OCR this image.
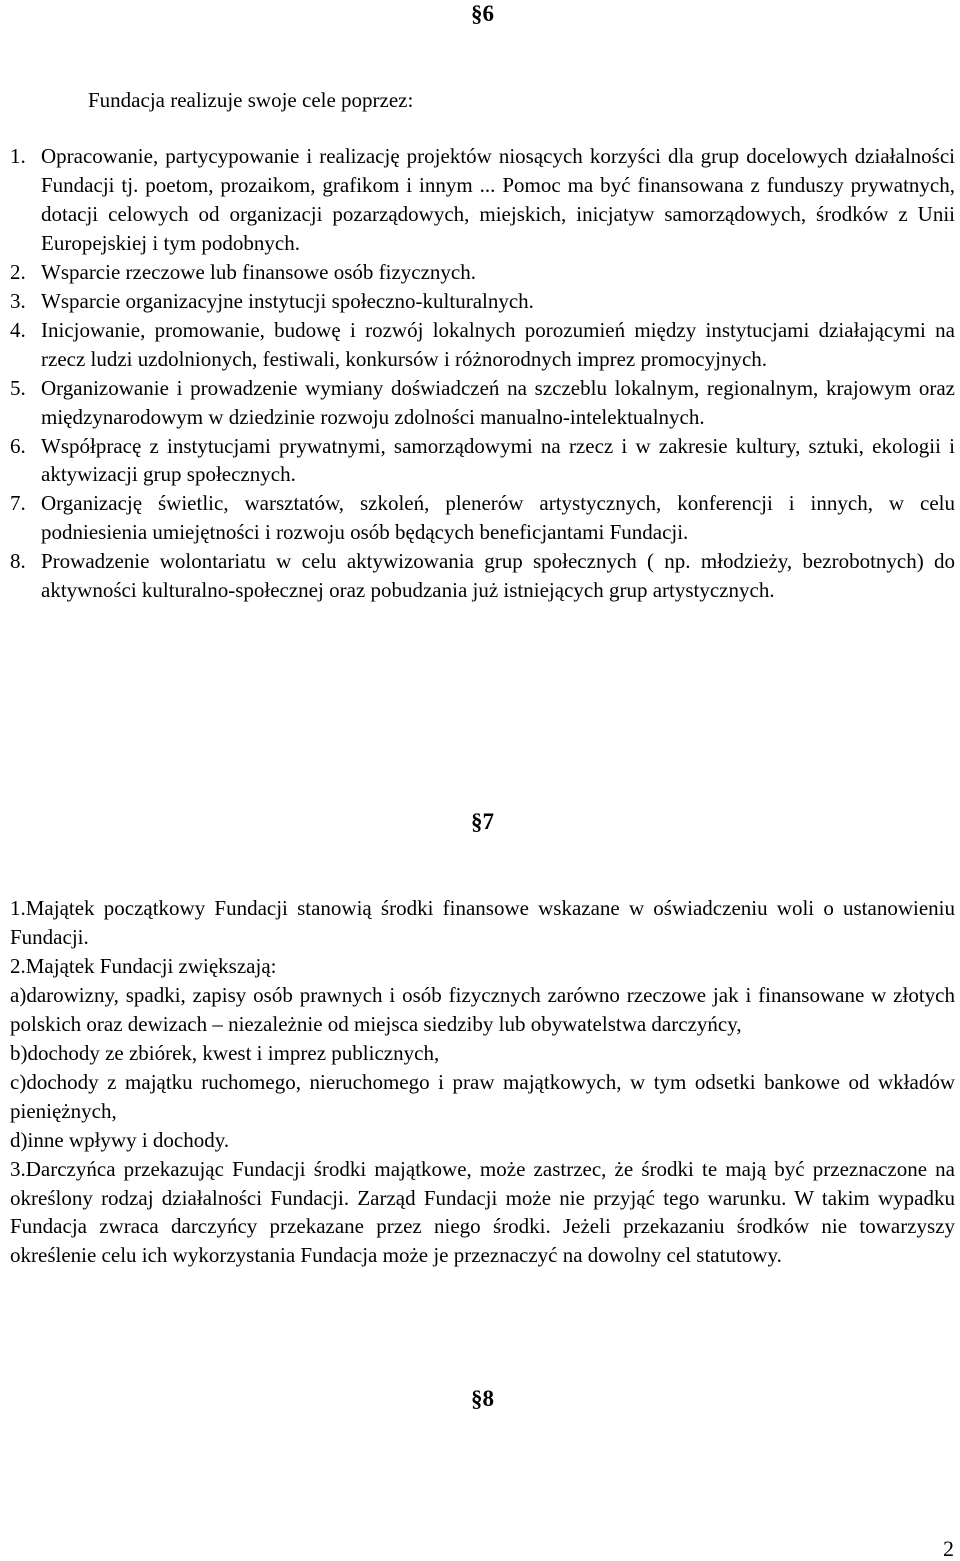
§6
Fundacja realizuje swoje cele poprzez:
1. Opracowanie, partycypowanie i realizację projektów niosących korzyści dla grup docelowych działalności Fundacji tj. poetom, prozaikom, grafikom i innym ... Pomoc ma być finansowana z funduszy prywatnych, dotacji celowych od organizacji pozarządowych, miejskich, inicjatyw samorządowych, środków z Unii Europejskiej i tym podobnych.
2. Wsparcie rzeczowe lub finansowe osób fizycznych.
3. Wsparcie organizacyjne instytucji społeczno-kulturalnych.
4. Inicjowanie, promowanie, budowę i rozwój lokalnych porozumień między instytucjami działającymi na rzecz ludzi uzdolnionych, festiwali, konkursów i różnorodnych imprez promocyjnych.
5. Organizowanie i prowadzenie wymiany doświadczeń na szczeblu lokalnym, regionalnym, krajowym oraz międzynarodowym w dziedzinie rozwoju zdolności manualno-intelektualnych.
6. Współpracę z instytucjami prywatnymi, samorządowymi na rzecz i w zakresie kultury, sztuki, ekologii i aktywizacji grup społecznych.
7. Organizację świetlic, warsztatów, szkoleń, plenerów artystycznych, konferencji i innych, w celu podniesienia umiejętności i rozwoju osób będących beneficjantami Fundacji.
8. Prowadzenie wolontariatu w celu aktywizowania grup społecznych ( np. młodzieży, bezrobotnych) do aktywności kulturalno-społecznej oraz pobudzania już istniejących grup artystycznych.
§7

1.Majątek początkowy Fundacji stanowią środki finansowe wskazane w oświadczeniu woli o ustanowieniu Fundacji.

2.Majątek Fundacji zwiększają:

a)darowizny, spadki, zapisy osób prawnych i osób fizycznych zarówno rzeczowe jak i finansowane w złotych polskich oraz dewizach – niezależnie od miejsca siedziby lub obywatelstwa darczyńcy,

b)dochody ze zbiórek, kwest i imprez publicznych,

c)dochody z majątku ruchomego, nieruchomego i praw majątkowych, w tym odsetki bankowe od wkładów pieniężnych,

d)inne wpływy i dochody.

3.Darczyńca przekazując Fundacji środki majątkowe, może zastrzec, że środki te mają być przeznaczone na określony rodzaj działalności Fundacji. Zarząd Fundacji może nie przyjąć tego warunku. W takim wypadku Fundacja zwraca darczyńcy przekazane przez niego środki. Jeżeli przekazaniu środków nie towarzyszy określenie celu ich wykorzystania Fundacja może je przeznaczyć na dowolny cel statutowy.

§8
2
